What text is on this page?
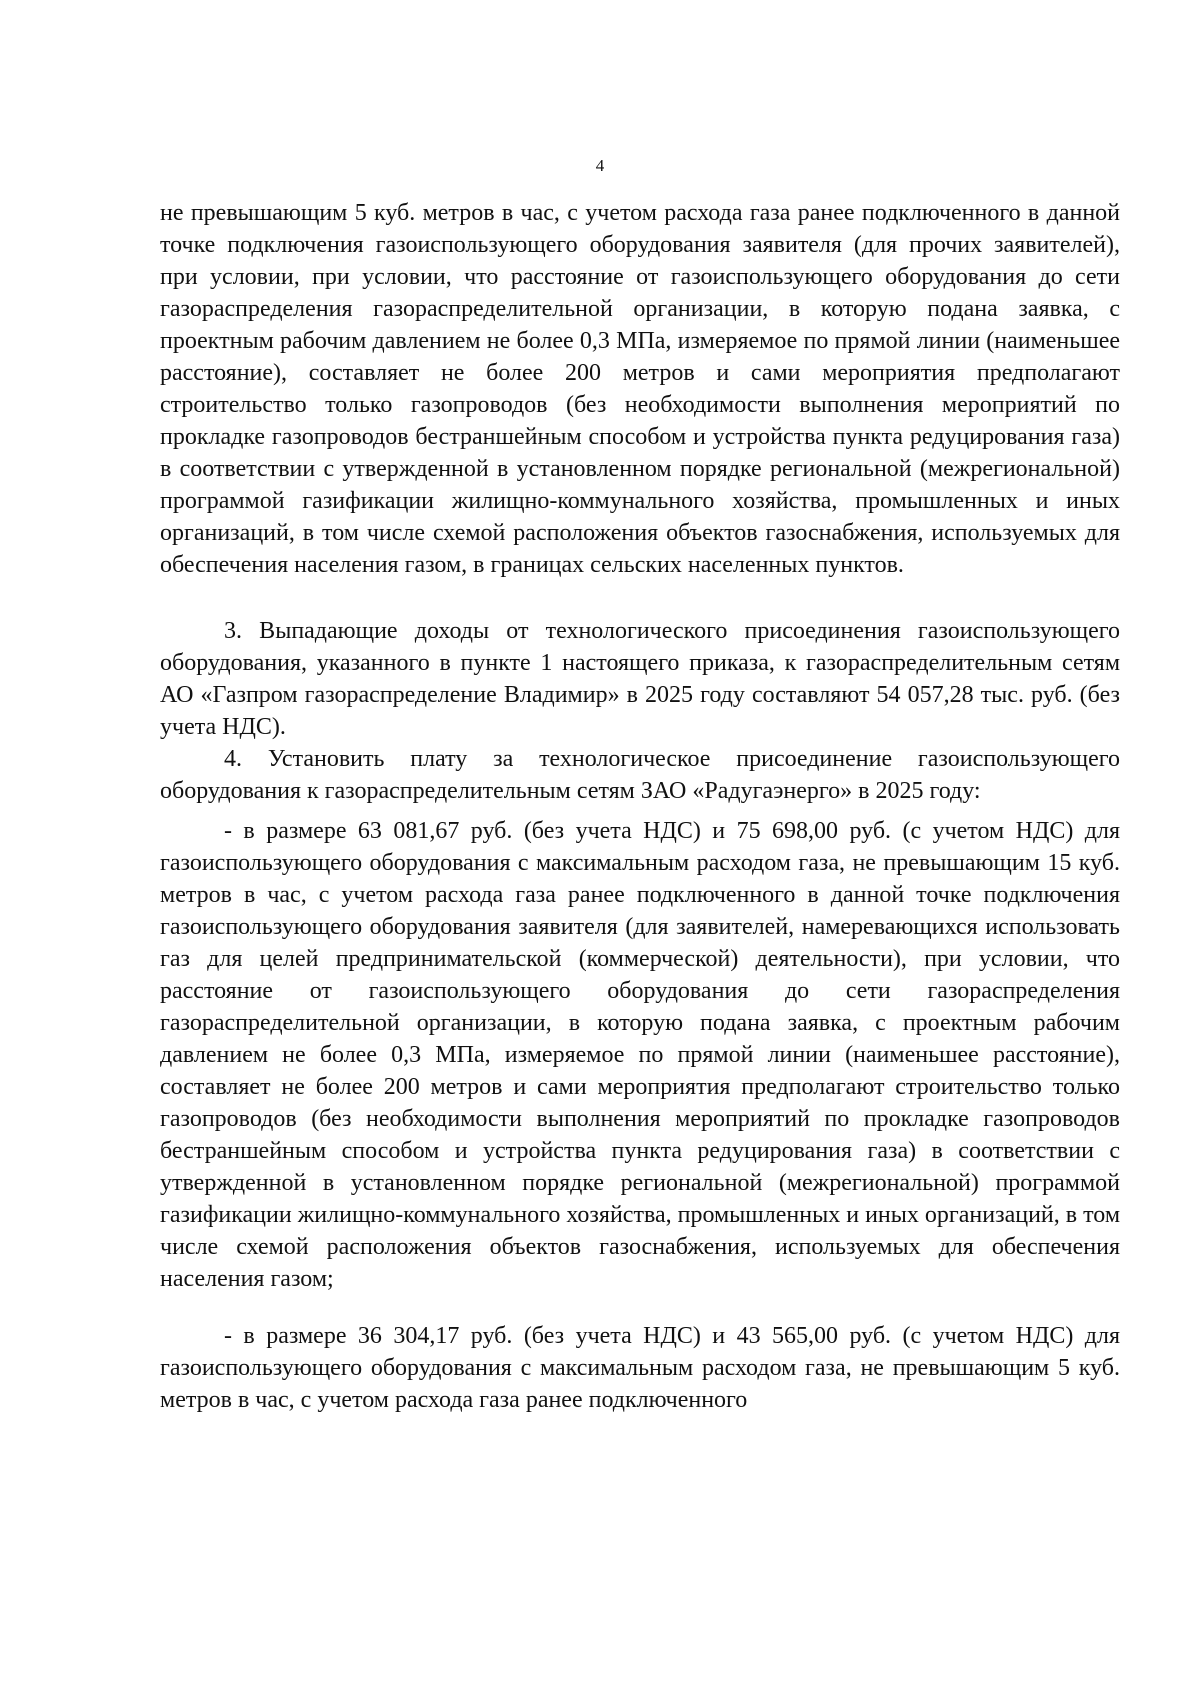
4

не превышающим 5 куб. метров в час, с учетом расхода газа ранее подключенного в данной точке подключения газоиспользующего оборудования заявителя (для прочих заявителей), при условии, при условии, что расстояние от газоиспользующего оборудования до сети газораспределения газораспределительной организации, в которую подана заявка, с проектным рабочим давлением не более 0,3 МПа, измеряемое по прямой линии (наименьшее расстояние), составляет не более 200 метров и сами мероприятия предполагают строительство только газопроводов (без необходимости выполнения мероприятий по прокладке газопроводов бестраншейным способом и устройства пункта редуцирования газа) в соответствии с утвержденной в установленном порядке региональной (межрегиональной) программой газификации жилищно-коммунального хозяйства, промышленных и иных организаций, в том числе схемой расположения объектов газоснабжения, используемых для обеспечения населения газом, в границах сельских населенных пунктов.

3. Выпадающие доходы от технологического присоединения газоиспользующего оборудования, указанного в пункте 1 настоящего приказа, к газораспределительным сетям АО «Газпром газораспределение Владимир» в 2025 году составляют 54 057,28 тыс. руб. (без учета НДС).

4. Установить плату за технологическое присоединение газоиспользующего оборудования к газораспределительным сетям ЗАО «Радугаэнерго» в 2025 году:

- в размере 63 081,67 руб. (без учета НДС) и 75 698,00 руб. (с учетом НДС) для газоиспользующего оборудования с максимальным расходом газа, не превышающим 15 куб. метров в час, с учетом расхода газа ранее подключенного в данной точке подключения газоиспользующего оборудования заявителя (для заявителей, намеревающихся использовать газ для целей предпринимательской (коммерческой) деятельности), при условии, что расстояние от газоиспользующего оборудования до сети газораспределения газораспределительной организации, в которую подана заявка, с проектным рабочим давлением не более 0,3 МПа, измеряемое по прямой линии (наименьшее расстояние), составляет не более 200 метров и сами мероприятия предполагают строительство только газопроводов (без необходимости выполнения мероприятий по прокладке газопроводов бестраншейным способом и устройства пункта редуцирования газа) в соответствии с утвержденной в установленном порядке региональной (межрегиональной) программой газификации жилищно-коммунального хозяйства, промышленных и иных организаций, в том числе схемой расположения объектов газоснабжения, используемых для обеспечения населения газом;

- в размере 36 304,17 руб. (без учета НДС) и 43 565,00 руб. (с учетом НДС) для газоиспользующего оборудования с максимальным расходом газа, не превышающим 5 куб. метров в час, с учетом расхода газа ранее подключенного
